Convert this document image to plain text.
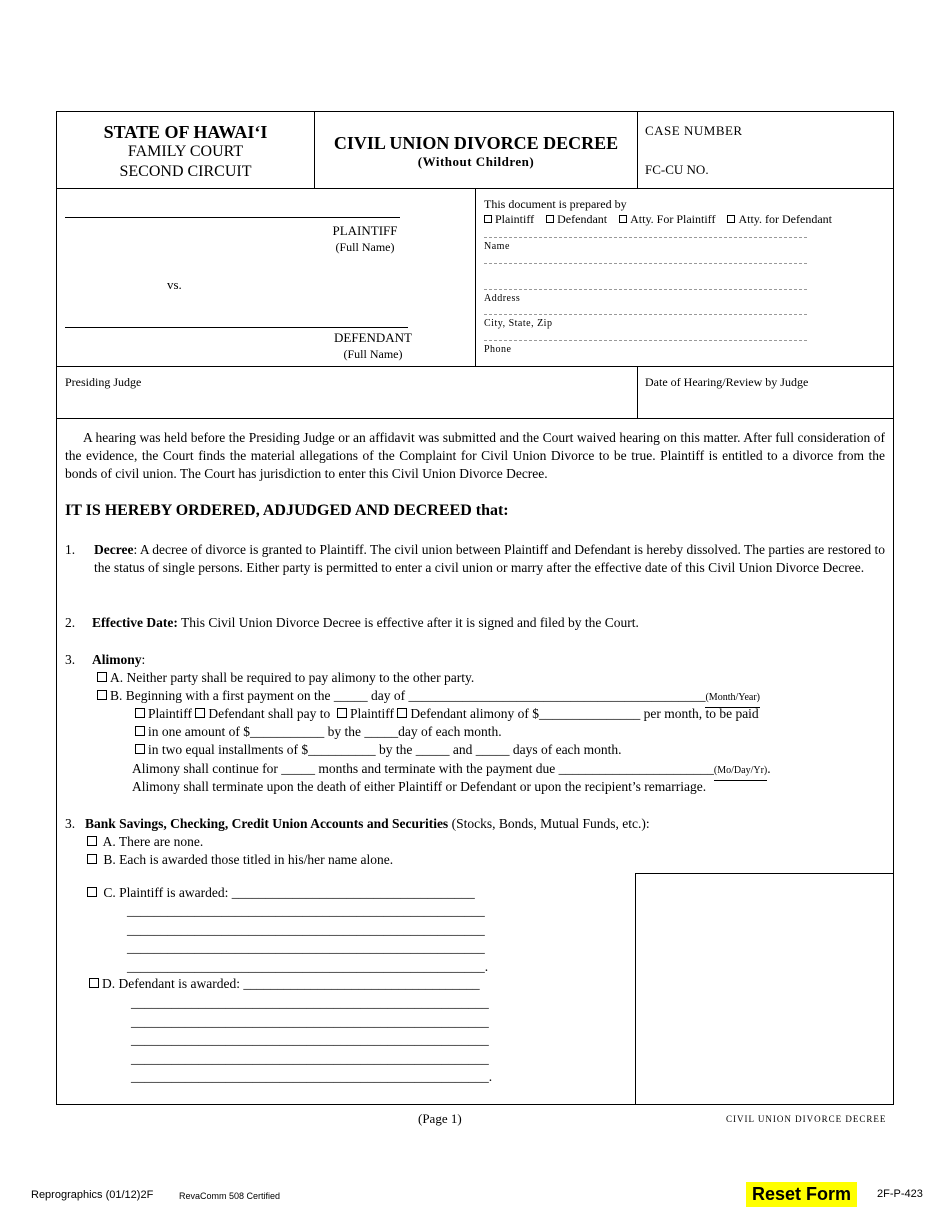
STATE OF HAWAI‘I
FAMILY COURT
SECOND CIRCUIT
CIVIL UNION DIVORCE DECREE
(Without Children)
CASE NUMBER
FC-CU NO.
PLAINTIFF
(Full Name)
vs.
DEFENDANT
(Full Name)
This document is prepared by
Plaintiff Defendant Atty. For Plaintiff Atty. for Defendant
Name
Address
City, State, Zip
Phone
Presiding Judge	Date of Hearing/Review by Judge
A hearing was held before the Presiding Judge or an affidavit was submitted and the Court waived hearing on this matter. After full consideration of the evidence, the Court finds the material allegations of the Complaint for Civil Union Divorce to be true. Plaintiff is entitled to a divorce from the bonds of civil union. The Court has jurisdiction to enter this Civil Union Divorce Decree.
IT IS HEREBY ORDERED, ADJUDGED AND DECREED that:
1. Decree: A decree of divorce is granted to Plaintiff. The civil union between Plaintiff and Defendant is hereby dissolved. The parties are restored to the status of single persons. Either party is permitted to enter a civil union or marry after the effective date of this Civil Union Divorce Decree.
2. Effective Date: This Civil Union Divorce Decree is effective after it is signed and filed by the Court.
3. Alimony:
A. Neither party shall be required to pay alimony to the other party.
B. Beginning with a first payment on the _____ day of ____________________________________________(Month/Year)
Plaintiff Defendant shall pay to Plaintiff Defendant alimony of $_______________ per month, to be paid
in one amount of $___________ by the _____day of each month.
in two equal installments of $__________ by the _____ and _____ days of each month.
Alimony shall continue for _____ months and terminate with the payment due _______________________(Mo/Day/Yr).
Alimony shall terminate upon the death of either Plaintiff or Defendant or upon the recipient’s remarriage.
3. Bank Savings, Checking, Credit Union Accounts and Securities (Stocks, Bonds, Mutual Funds, etc.):
A. There are none.
B. Each is awarded those titled in his/her name alone.
C. Plaintiff is awarded: ____________________________________
_____________________________________________________
_____________________________________________________
_____________________________________________________
_____________________________________________________.
D. Defendant is awarded: ___________________________________
_____________________________________________________
_____________________________________________________
_____________________________________________________
_____________________________________________________
_____________________________________________________.
(Page 1)	CIVIL UNION DIVORCE DECREE
Reprographics (01/12)2F	RevaComm 508 Certified	Reset Form	2F-P-423
